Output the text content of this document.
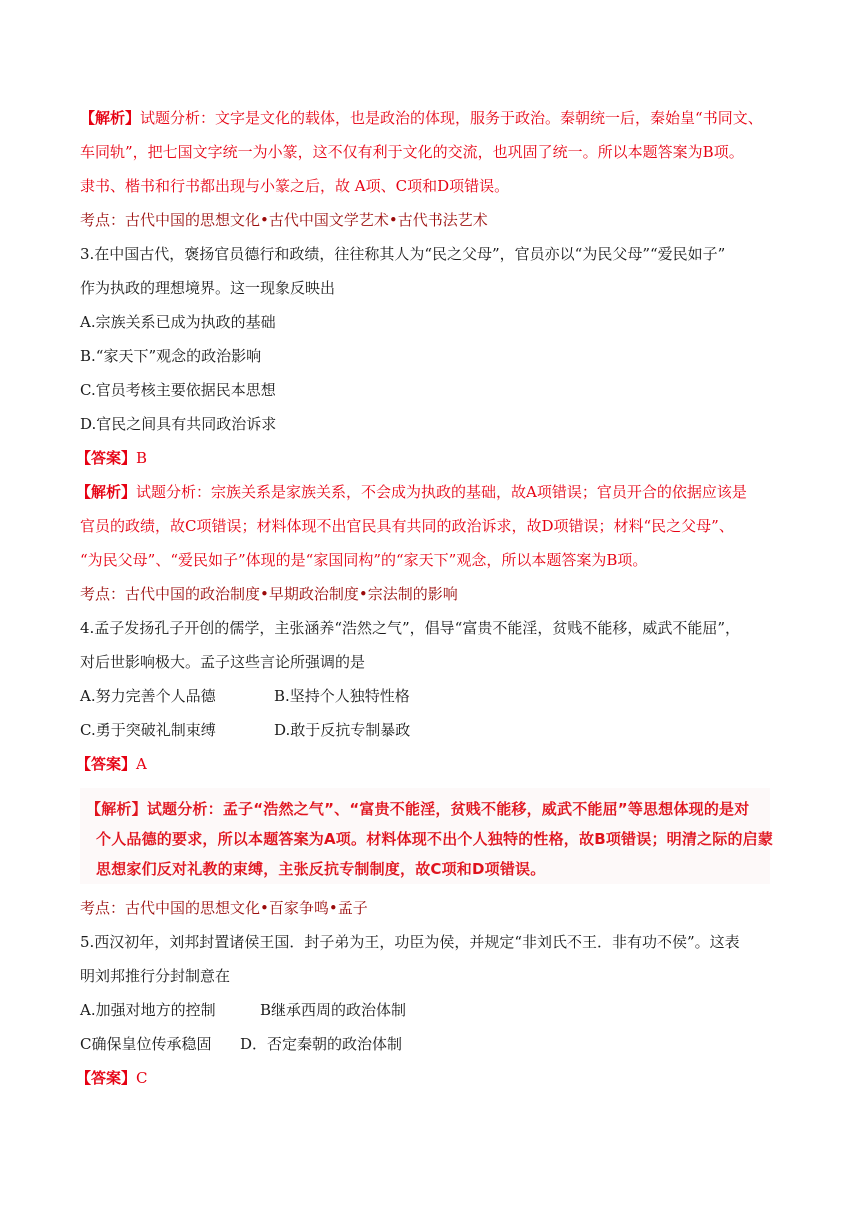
【解析】试题分析：文字是文化的载体，也是政治的体现，服务于政治。秦朝统一后，秦始皇“书同文、
车同轨”，把七国文字统一为小篆，这不仅有利于文化的交流，也巩固了统一。所以本题答案为B项。
隶书、楷书和行书都出现与小篆之后，故 A项、C项和D项错误。
考点：古代中国的思想文化•古代中国文学艺术•古代书法艺术
3.在中国古代，褒扬官员德行和政绩，往往称其人为“民之父母”，官员亦以“为民父母”“爱民如子”
作为执政的理想境界。这一现象反映出
A.宗族关系已成为执政的基础
B.“家天下”观念的政治影响
C.官员考核主要依据民本思想
D.官民之间具有共同政治诉求
【答案】B
【解析】试题分析：宗族关系是家族关系，不会成为执政的基础，故A项错误；官员开合的依据应该是
官员的政绩，故C项错误；材料体现不出官民具有共同的政治诉求，故D项错误；材料“民之父母”、
“为民父母”、“爱民如子”体现的是“家国同构”的“家天下”观念，所以本题答案为B项。
考点：古代中国的政治制度•早期政治制度•宗法制的影响
4.孟子发扬孔子开创的儒学，主张涵养“浩然之气”，倡导“富贵不能淫，贫贱不能移，威武不能屈”，
对后世影响极大。孟子这些言论所强调的是
A.努力完善个人品德	B.坚持个人独特性格
C.勇于突破礼制束缚	D.敢于反抗专制暴政
【答案】A
【解析】试题分析：孟子“浩然之气”、“富贵不能淫，贫贱不能移，威武不能屈”等思想体现的是对
个人品德的要求，所以本题答案为A项。材料体现不出个人独特的性格，故B项错误；明清之际的启蒙
思想家们反对礼教的束缚，主张反抗专制制度，故C项和D项错误。
考点：古代中国的思想文化•百家争鸣•孟子
5.西汉初年，刘邦封置诸侯王国．封子弟为王，功臣为侯，并规定“非刘氏不王．非有功不侯”。这表
明刘邦推行分封制意在
A.加强对地方的控制	B继承西周的政治体制
C确保皇位传承稳固 D．否定秦朝的政治体制
【答案】C
